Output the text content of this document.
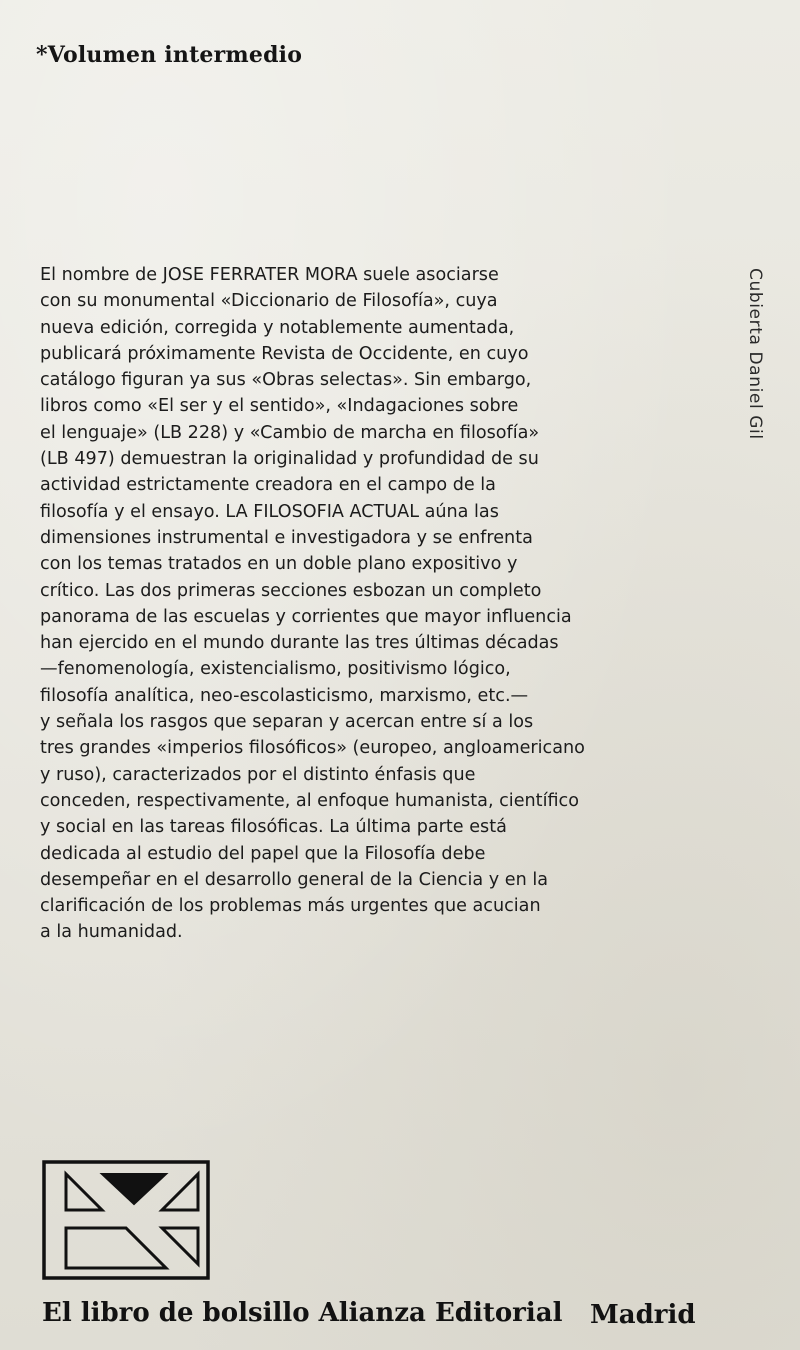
*Volumen intermedio
El nombre de JOSE FERRATER MORA suele asociarse
con su monumental «Diccionario de Filosofía», cuya
nueva edición, corregida y notablemente aumentada,
publicará próximamente Revista de Occidente, en cuyo
catálogo figuran ya sus «Obras selectas». Sin embargo,
libros como «El ser y el sentido», «Indagaciones sobre
el lenguaje» (LB 228) y «Cambio de marcha en filosofía»
(LB 497) demuestran la originalidad y profundidad de su
actividad estrictamente creadora en el campo de la
filosofía y el ensayo. LA FILOSOFIA ACTUAL aúna las
dimensiones instrumental e investigadora y se enfrenta
con los temas tratados en un doble plano expositivo y
crítico. Las dos primeras secciones esbozan un completo
panorama de las escuelas y corrientes que mayor influencia
han ejercido en el mundo durante las tres últimas décadas
—fenomenología, existencialismo, positivismo lógico,
filosofía analítica, neo-escolasticismo, marxismo, etc.—
y señala los rasgos que separan y acercan entre sí a los
tres grandes «imperios filosóficos» (europeo, angloamericano
y ruso), caracterizados por el distinto énfasis que
conceden, respectivamente, al enfoque humanista, científico
y social en las tareas filosóficas. La última parte está
dedicada al estudio del papel que la Filosofía debe
desempeñar en el desarrollo general de la Ciencia y en la
clarificación de los problemas más urgentes que acucian
a la humanidad.
Cubierta Daniel Gil
El libro de bolsillo Alianza Editorial Madrid
